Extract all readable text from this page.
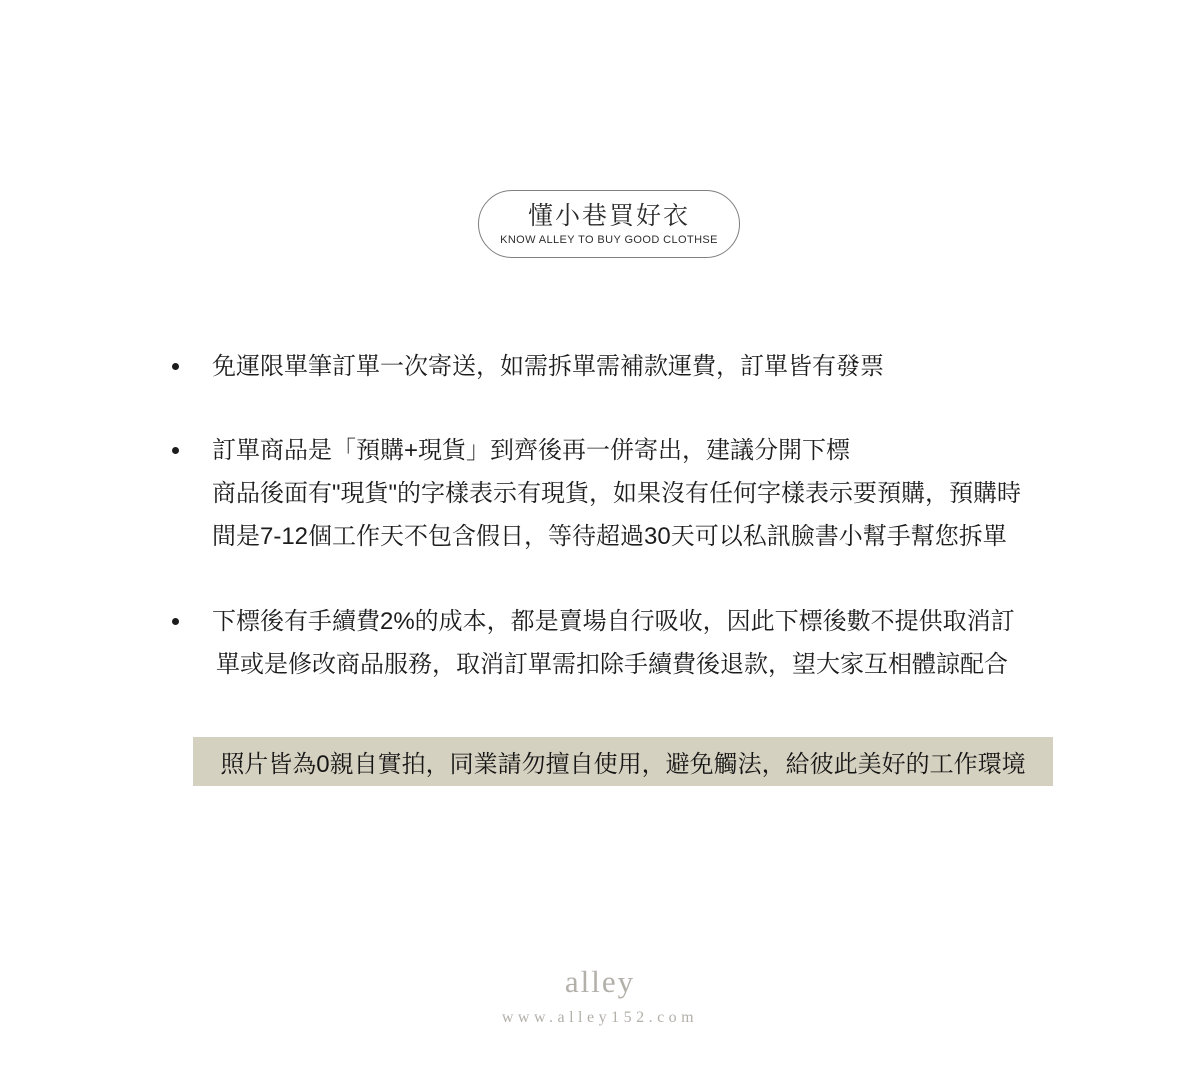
懂小巷買好衣
KNOW ALLEY TO BUY GOOD CLOTHSE

免運限單筆訂單一次寄送，如需拆單需補款運費，訂單皆有發票

訂單商品是「預購+現貨」到齊後再一併寄出，建議分開下標

商品後面有"現貨"的字樣表示有現貨，如果沒有任何字樣表示要預購，預購時

間是7-12個工作天不包含假日，等待超過30天可以私訊臉書小幫手幫您拆單

下標後有手續費2%的成本，都是賣場自行吸收，因此下標後數不提供取消訂

單或是修改商品服務，取消訂單需扣除手續費後退款，望大家互相體諒配合

照片皆為0親自實拍，同業請勿擅自使用，避免觸法，給彼此美好的工作環境
alley
www.alley152.com
